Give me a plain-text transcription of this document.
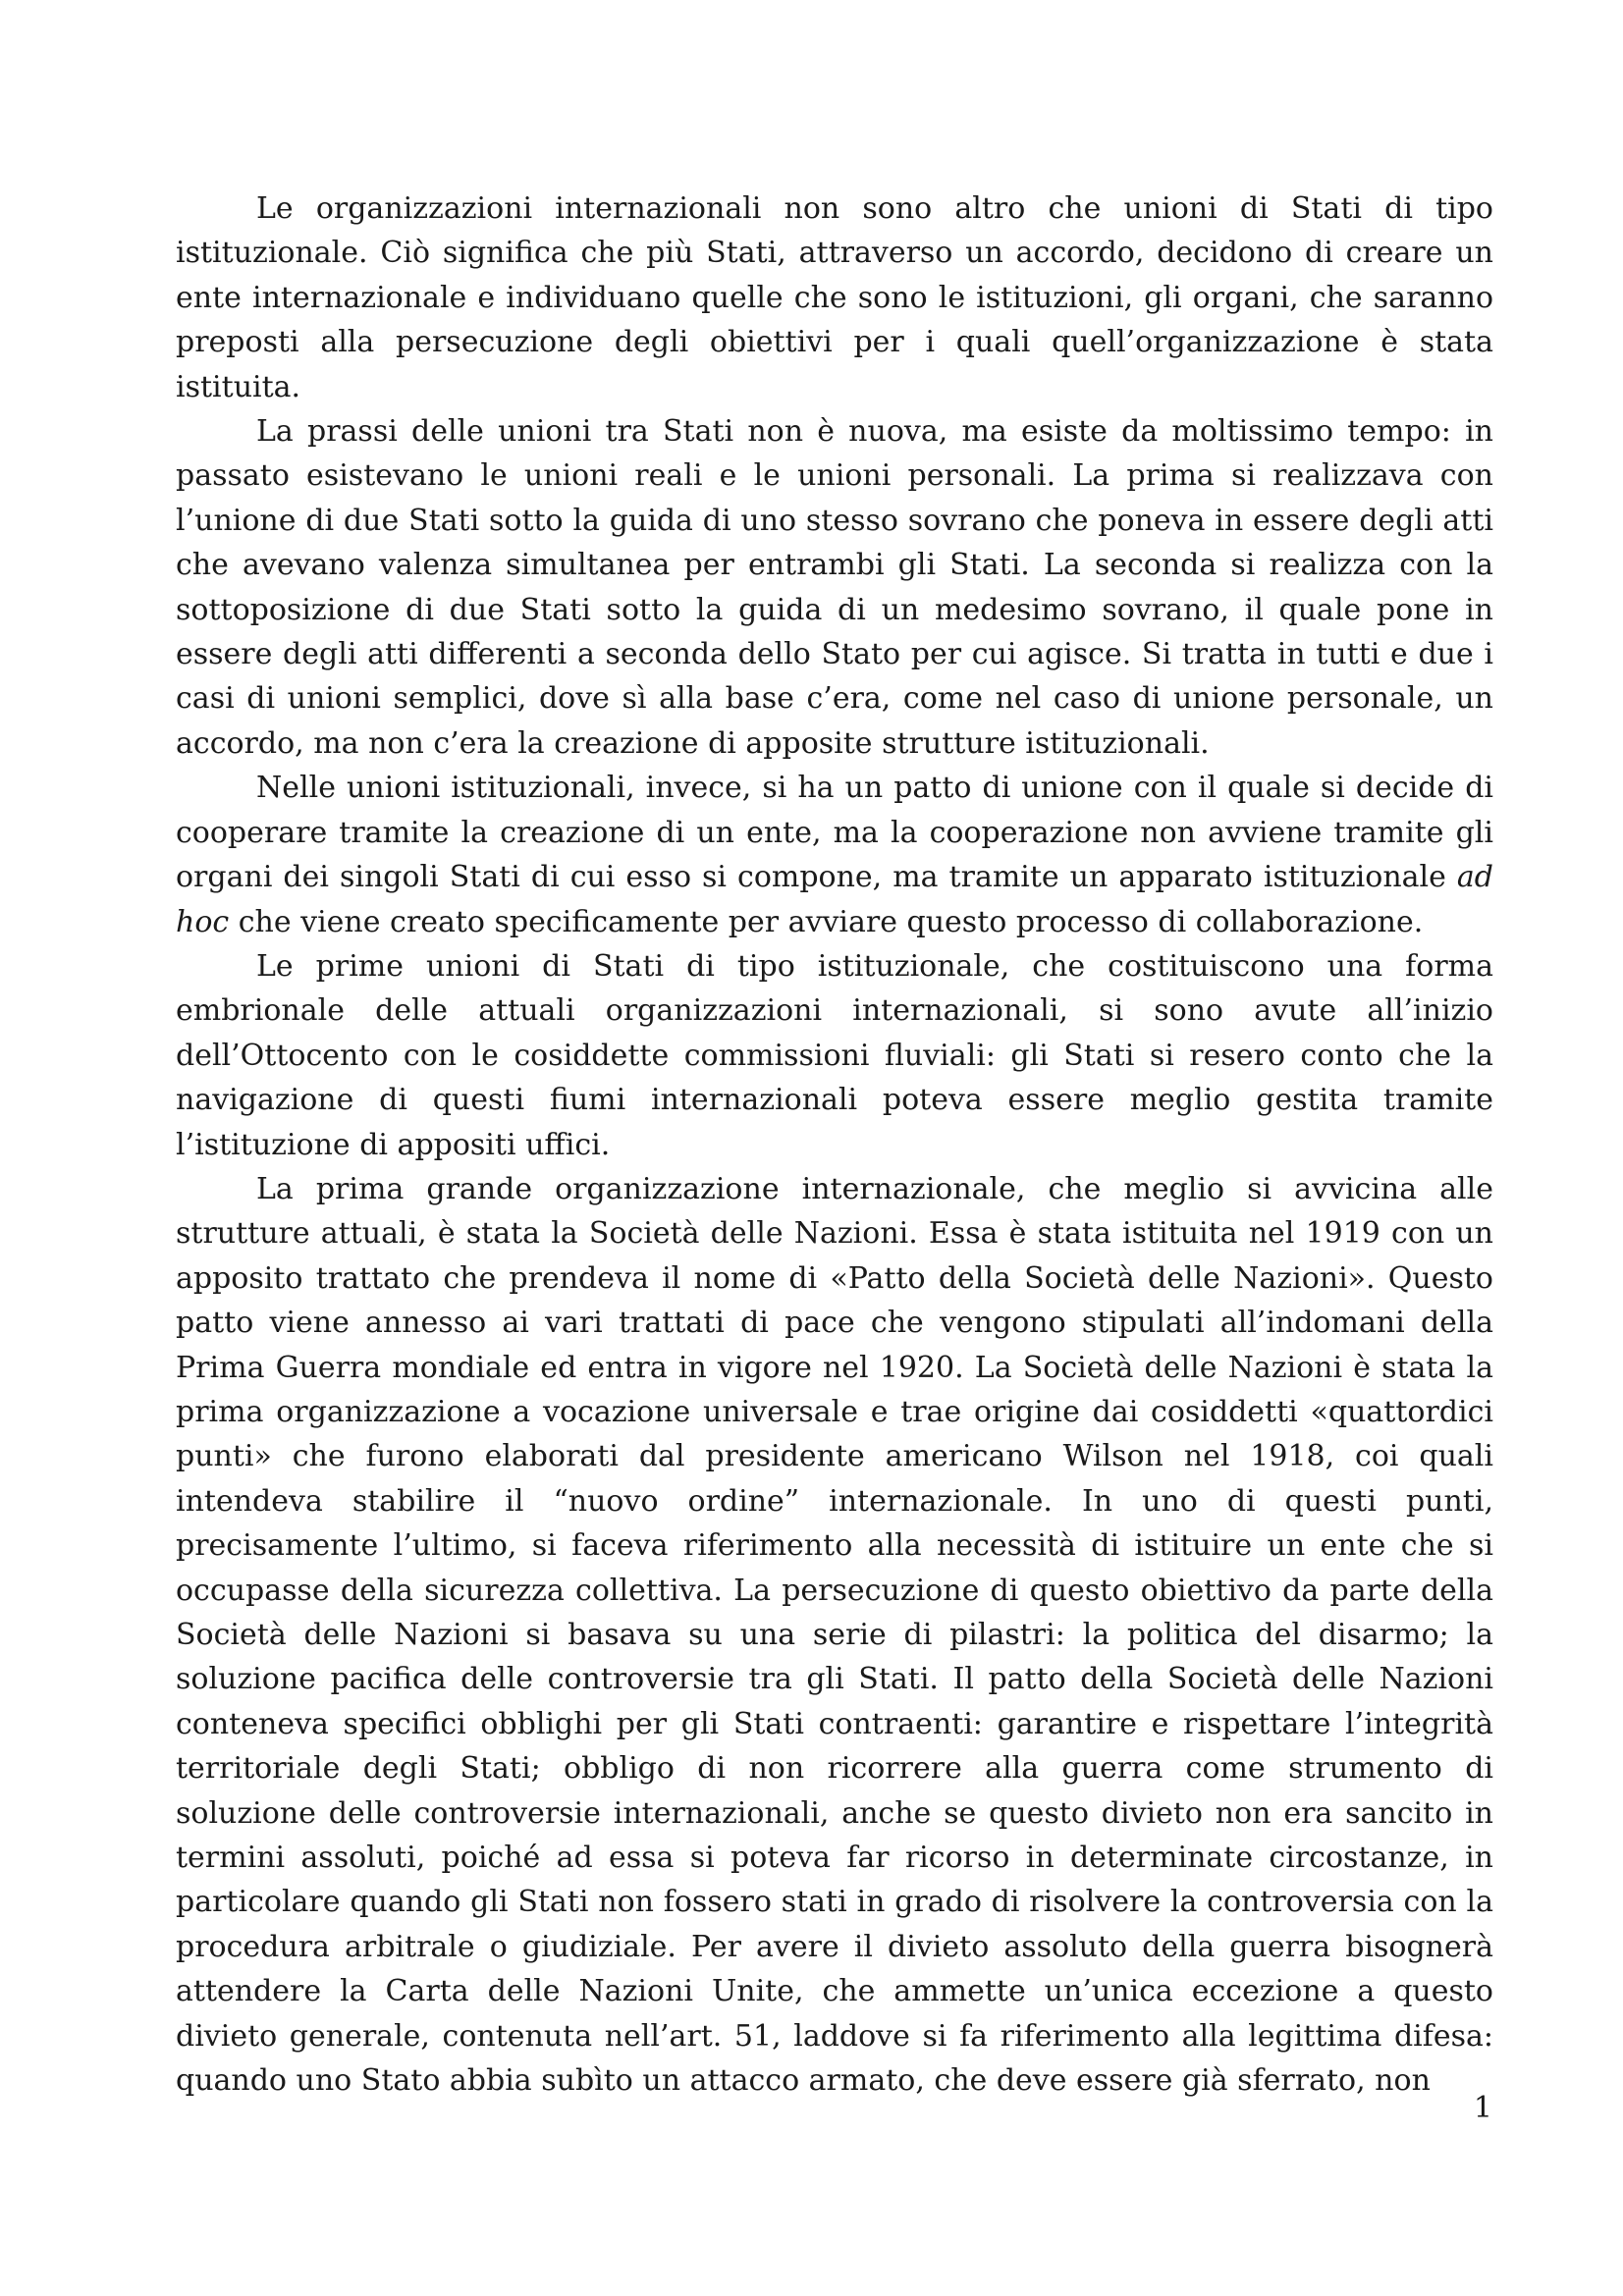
Le organizzazioni internazionali non sono altro che unioni di Stati di tipo istituzionale. Ciò significa che più Stati, attraverso un accordo, decidono di creare un ente internazionale e individuano quelle che sono le istituzioni, gli organi, che saranno preposti alla persecuzione degli obiettivi per i quali quell’organizzazione è stata istituita.

La prassi delle unioni tra Stati non è nuova, ma esiste da moltissimo tempo: in passato esistevano le unioni reali e le unioni personali. La prima si realizzava con l’unione di due Stati sotto la guida di uno stesso sovrano che poneva in essere degli atti che avevano valenza simultanea per entrambi gli Stati. La seconda si realizza con la sottoposizione di due Stati sotto la guida di un medesimo sovrano, il quale pone in essere degli atti differenti a seconda dello Stato per cui agisce. Si tratta in tutti e due i casi di unioni semplici, dove sì alla base c’era, come nel caso di unione personale, un accordo, ma non c’era la creazione di apposite strutture istituzionali.

Nelle unioni istituzionali, invece, si ha un patto di unione con il quale si decide di cooperare tramite la creazione di un ente, ma la cooperazione non avviene tramite gli organi dei singoli Stati di cui esso si compone, ma tramite un apparato istituzionale ad hoc che viene creato specificamente per avviare questo processo di collaborazione.

Le prime unioni di Stati di tipo istituzionale, che costituiscono una forma embrionale delle attuali organizzazioni internazionali, si sono avute all’inizio dell’Ottocento con le cosiddette commissioni fluviali: gli Stati si resero conto che la navigazione di questi fiumi internazionali poteva essere meglio gestita tramite l’istituzione di appositi uffici.

La prima grande organizzazione internazionale, che meglio si avvicina alle strutture attuali, è stata la Società delle Nazioni. Essa è stata istituita nel 1919 con un apposito trattato che prendeva il nome di «Patto della Società delle Nazioni». Questo patto viene annesso ai vari trattati di pace che vengono stipulati all’indomani della Prima Guerra mondiale ed entra in vigore nel 1920. La Società delle Nazioni è stata la prima organizzazione a vocazione universale e trae origine dai cosiddetti «quattordici punti» che furono elaborati dal presidente americano Wilson nel 1918, coi quali intendeva stabilire il “nuovo ordine” internazionale. In uno di questi punti, precisamente l’ultimo, si faceva riferimento alla necessità di istituire un ente che si occupasse della sicurezza collettiva. La persecuzione di questo obiettivo da parte della Società delle Nazioni si basava su una serie di pilastri: la politica del disarmo; la soluzione pacifica delle controversie tra gli Stati. Il patto della Società delle Nazioni conteneva specifici obblighi per gli Stati contraenti: garantire e rispettare l’integrità territoriale degli Stati; obbligo di non ricorrere alla guerra come strumento di soluzione delle controversie internazionali, anche se questo divieto non era sancito in termini assoluti, poiché ad essa si poteva far ricorso in determinate circostanze, in particolare quando gli Stati non fossero stati in grado di risolvere la controversia con la procedura arbitrale o giudiziale. Per avere il divieto assoluto della guerra bisognerà attendere la Carta delle Nazioni Unite, che ammette un’unica eccezione a questo divieto generale, contenuta nell’art. 51, laddove si fa riferimento alla legittima difesa: quando uno Stato abbia subìto un attacco armato, che deve essere già sferrato, non

1
